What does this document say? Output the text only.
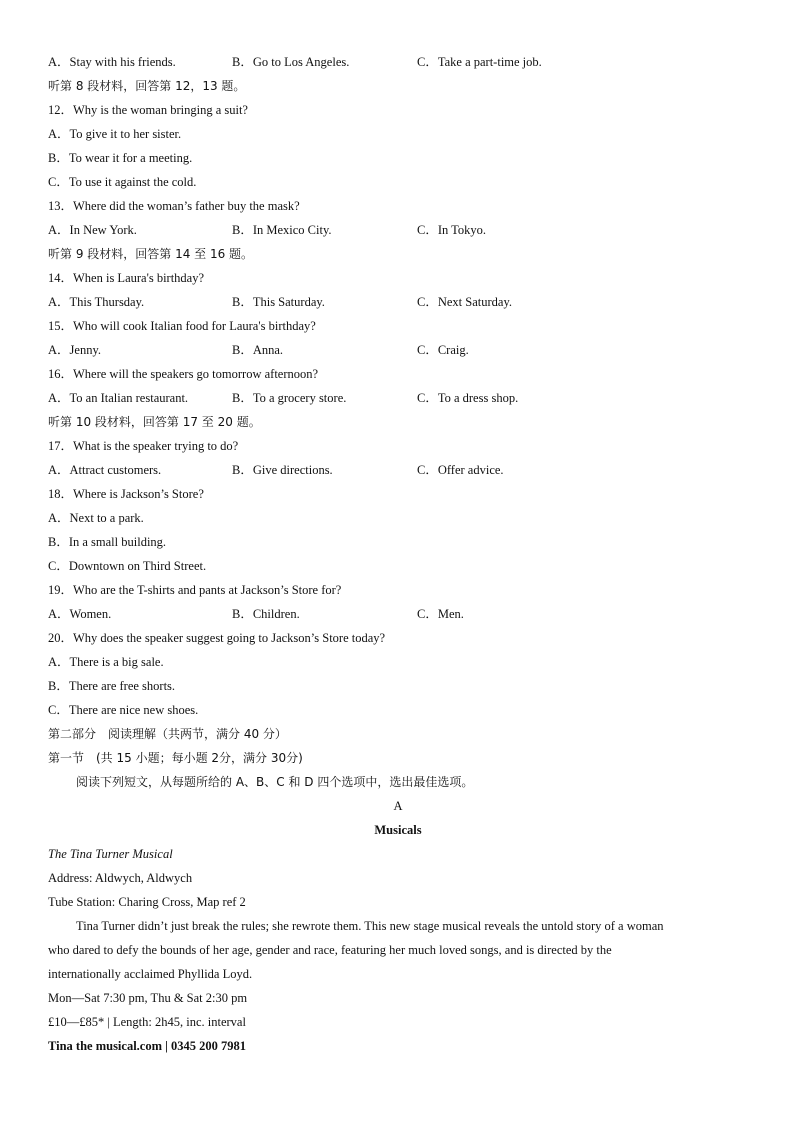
A．Stay with his friends.	B．Go to Los Angeles.	C．Take a part-time job.
听第 8 段材料，回答第 12，13 题。
12．Why is the woman bringing a suit?
A．To give it to her sister.
B．To wear it for a meeting.
C．To use it against the cold.
13．Where did the woman’s father buy the mask?
A．In New York.	B．In Mexico City.	C．In Tokyo.
听第 9 段材料，回答第 14 至 16 题。
14．When is Laura's birthday?
A．This Thursday.	B．This Saturday.	C．Next Saturday.
15．Who will cook Italian food for Laura's birthday?
A．Jenny.	B．Anna.	C．Craig.
16．Where will the speakers go tomorrow afternoon?
A．To an Italian restaurant.	B．To a grocery store.	C．To a dress shop.
听第 10 段材料，回答第 17 至 20 题。
17．What is the speaker trying to do?
A．Attract customers.	B．Give directions.	C．Offer advice.
18．Where is Jackson’s Store?
A．Next to a park.
B．In a small building.
C．Downtown on Third Street.
19．Who are the T-shirts and pants at Jackson’s Store for?
A．Women.	B．Children.	C．Men.
20．Why does the speaker suggest going to Jackson’s Store today?
A．There is a big sale.
B．There are free shorts.
C．There are nice new shoes.
第二部分　阅读理解（共两节，满分 40 分）
第一节　(共 15 小题；每小题 2分，满分 30分)
阅读下列短文，从每题所给的 A、B、C 和 D 四个选项中，选出最佳选项。
A
Musicals
The Tina Turner Musical
Address: Aldwych, Aldwych
Tube Station: Charing Cross, Map ref 2
Tina Turner didn’t just break the rules; she rewrote them. This new stage musical reveals the untold story of a woman
who dared to defy the bounds of her age, gender and race, featuring her much loved songs, and is directed by the
internationally acclaimed Phyllida Loyd.
Mon—Sat 7:30 pm, Thu & Sat 2:30 pm
£10—£85* | Length: 2h45, inc. interval
Tina the musical.com | 0345 200 7981
